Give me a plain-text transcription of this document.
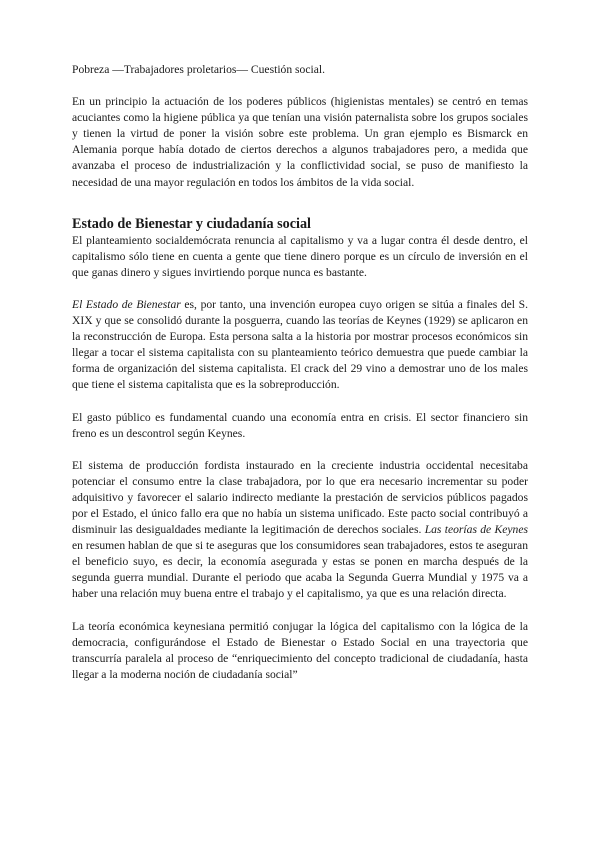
Pobreza —Trabajadores proletarios— Cuestión social.

En un principio la actuación de los poderes públicos (higienistas mentales) se centró en temas acuciantes como la higiene pública ya que tenían una visión paternalista sobre los grupos sociales y tienen la virtud de poner la visión sobre este problema. Un gran ejemplo es Bismarck en Alemania porque había dotado de ciertos derechos a algunos trabajadores pero, a medida que avanzaba el proceso de industrialización y la conflictividad social, se puso de manifiesto la necesidad de una mayor regulación en todos los ámbitos de la vida social.

Estado de Bienestar y ciudadanía social

El planteamiento socialdemócrata renuncia al capitalismo y va a lugar contra él desde dentro, el capitalismo sólo tiene en cuenta a gente que tiene dinero porque es un círculo de inversión en el que ganas dinero y sigues invirtiendo porque nunca es bastante.

El Estado de Bienestar es, por tanto, una invención europea cuyo origen se sitúa a finales del S. XIX y que se consolidó durante la posguerra, cuando las teorías de Keynes (1929) se aplicaron en la reconstrucción de Europa. Esta persona salta a la historia por mostrar procesos económicos sin llegar a tocar el sistema capitalista con su planteamiento teórico demuestra que puede cambiar la forma de organización del sistema capitalista. El crack del 29 vino a demostrar uno de los males que tiene el sistema capitalista que es la sobreproducción.

El gasto público es fundamental cuando una economía entra en crisis. El sector financiero sin freno es un descontrol según Keynes.

El sistema de producción fordista instaurado en la creciente industria occidental necesitaba potenciar el consumo entre la clase trabajadora, por lo que era necesario incrementar su poder adquisitivo y favorecer el salario indirecto mediante la prestación de servicios públicos pagados por el Estado, el único fallo era que no había un sistema unificado. Este pacto social contribuyó a disminuir las desigualdades mediante la legitimación de derechos sociales. Las teorías de Keynes en resumen hablan de que si te aseguras que los consumidores sean trabajadores, estos te aseguran el beneficio suyo, es decir, la economía asegurada y estas se ponen en marcha después de la segunda guerra mundial. Durante el periodo que acaba la Segunda Guerra Mundial y 1975 va a haber una relación muy buena entre el trabajo y el capitalismo, ya que es una relación directa.

La teoría económica keynesiana permitió conjugar la lógica del capitalismo con la lógica de la democracia, configurándose el Estado de Bienestar o Estado Social en una trayectoria que transcurría paralela al proceso de “enriquecimiento del concepto tradicional de ciudadanía, hasta llegar a la moderna noción de ciudadanía social”
